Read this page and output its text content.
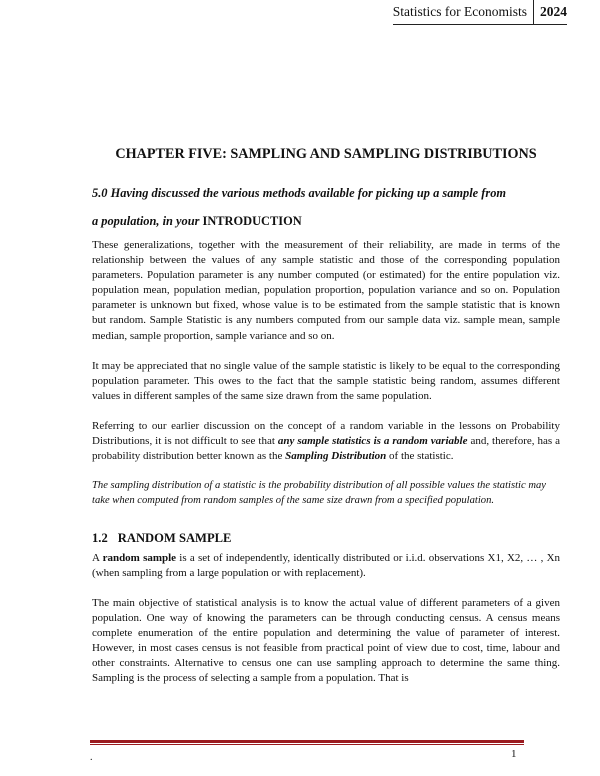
Statistics for Economists 2024
CHAPTER FIVE: SAMPLING AND SAMPLING DISTRIBUTIONS
5.0 Having discussed the various methods available for picking up a sample from
a population, in your INTRODUCTION

These generalizations, together with the measurement of their reliability, are made in terms of the relationship between the values of any sample statistic and those of the corresponding population parameters. Population parameter is any number computed (or estimated) for the entire population viz. population mean, population median, population proportion, population variance and so on. Population parameter is unknown but fixed, whose value is to be estimated from the sample statistic that is known but random. Sample Statistic is any numbers computed from our sample data viz. sample mean, sample median, sample proportion, sample variance and so on.

It may be appreciated that no single value of the sample statistic is likely to be equal to the corresponding population parameter. This owes to the fact that the sample statistic being random, assumes different values in different samples of the same size drawn from the same population.

Referring to our earlier discussion on the concept of a random variable in the lessons on Probability Distributions, it is not difficult to see that any sample statistics is a random variable and, therefore, has a probability distribution better known as the Sampling Distribution of the statistic.

The sampling distribution of a statistic is the probability distribution of all possible values the statistic may take when computed from random samples of the same size drawn from a specified population.

1.2 RANDOM SAMPLE

A random sample is a set of independently, identically distributed or i.i.d. observations X1, X2, … , Xn (when sampling from a large population or with replacement).

The main objective of statistical analysis is to know the actual value of different parameters of a given population. One way of knowing the parameters can be through conducting census. A census means complete enumeration of the entire population and determining the value of parameter of interest. However, in most cases census is not feasible from practical point of view due to cost, time, labour and other constraints. Alternative to census one can use sampling approach to determine the same thing. Sampling is the process of selecting a sample from a population. That is

.	1
